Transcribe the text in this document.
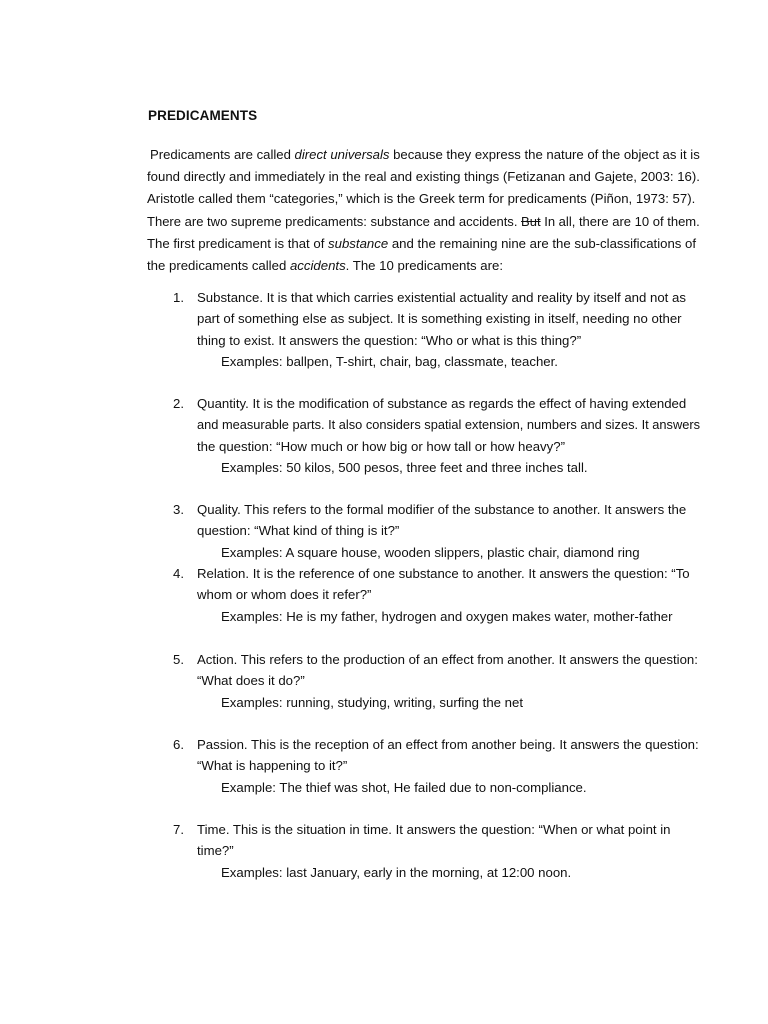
PREDICAMENTS
Predicaments are called direct universals because they express the nature of the object as it is
found directly and immediately in the real and existing things (Fetizanan and Gajete, 2003: 16).
Aristotle called them “categories,” which is the Greek term for predicaments (Piñon, 1973: 57).
There are two supreme predicaments: substance and accidents. But In all, there are 10 of them.
The first predicament is that of substance and the remaining nine are the sub-classifications of
the predicaments called accidents. The 10 predicaments are:
1. Substance. It is that which carries existential actuality and reality by itself and not as
part of something else as subject. It is something existing in itself, needing no other
thing to exist. It answers the question: “Who or what is this thing?”
Examples: ballpen, T-shirt, chair, bag, classmate, teacher.
2. Quantity. It is the modification of substance as regards the effect of having extended
and measurable parts. It also considers spatial extension, numbers and sizes. It answers
the question: “How much or how big or how tall or how heavy?”
Examples: 50 kilos, 500 pesos, three feet and three inches tall.
3. Quality. This refers to the formal modifier of the substance to another. It answers the
question: “What kind of thing is it?”
Examples: A square house, wooden slippers, plastic chair, diamond ring
4. Relation. It is the reference of one substance to another. It answers the question: “To
whom or whom does it refer?”
Examples: He is my father, hydrogen and oxygen makes water, mother-father
5. Action. This refers to the production of an effect from another. It answers the question:
“What does it do?”
Examples: running, studying, writing, surfing the net
6. Passion. This is the reception of an effect from another being. It answers the question:
“What is happening to it?”
Example: The thief was shot, He failed due to non-compliance.
7. Time. This is the situation in time. It answers the question: “When or what point in
time?”
Examples: last January, early in the morning, at 12:00 noon.
